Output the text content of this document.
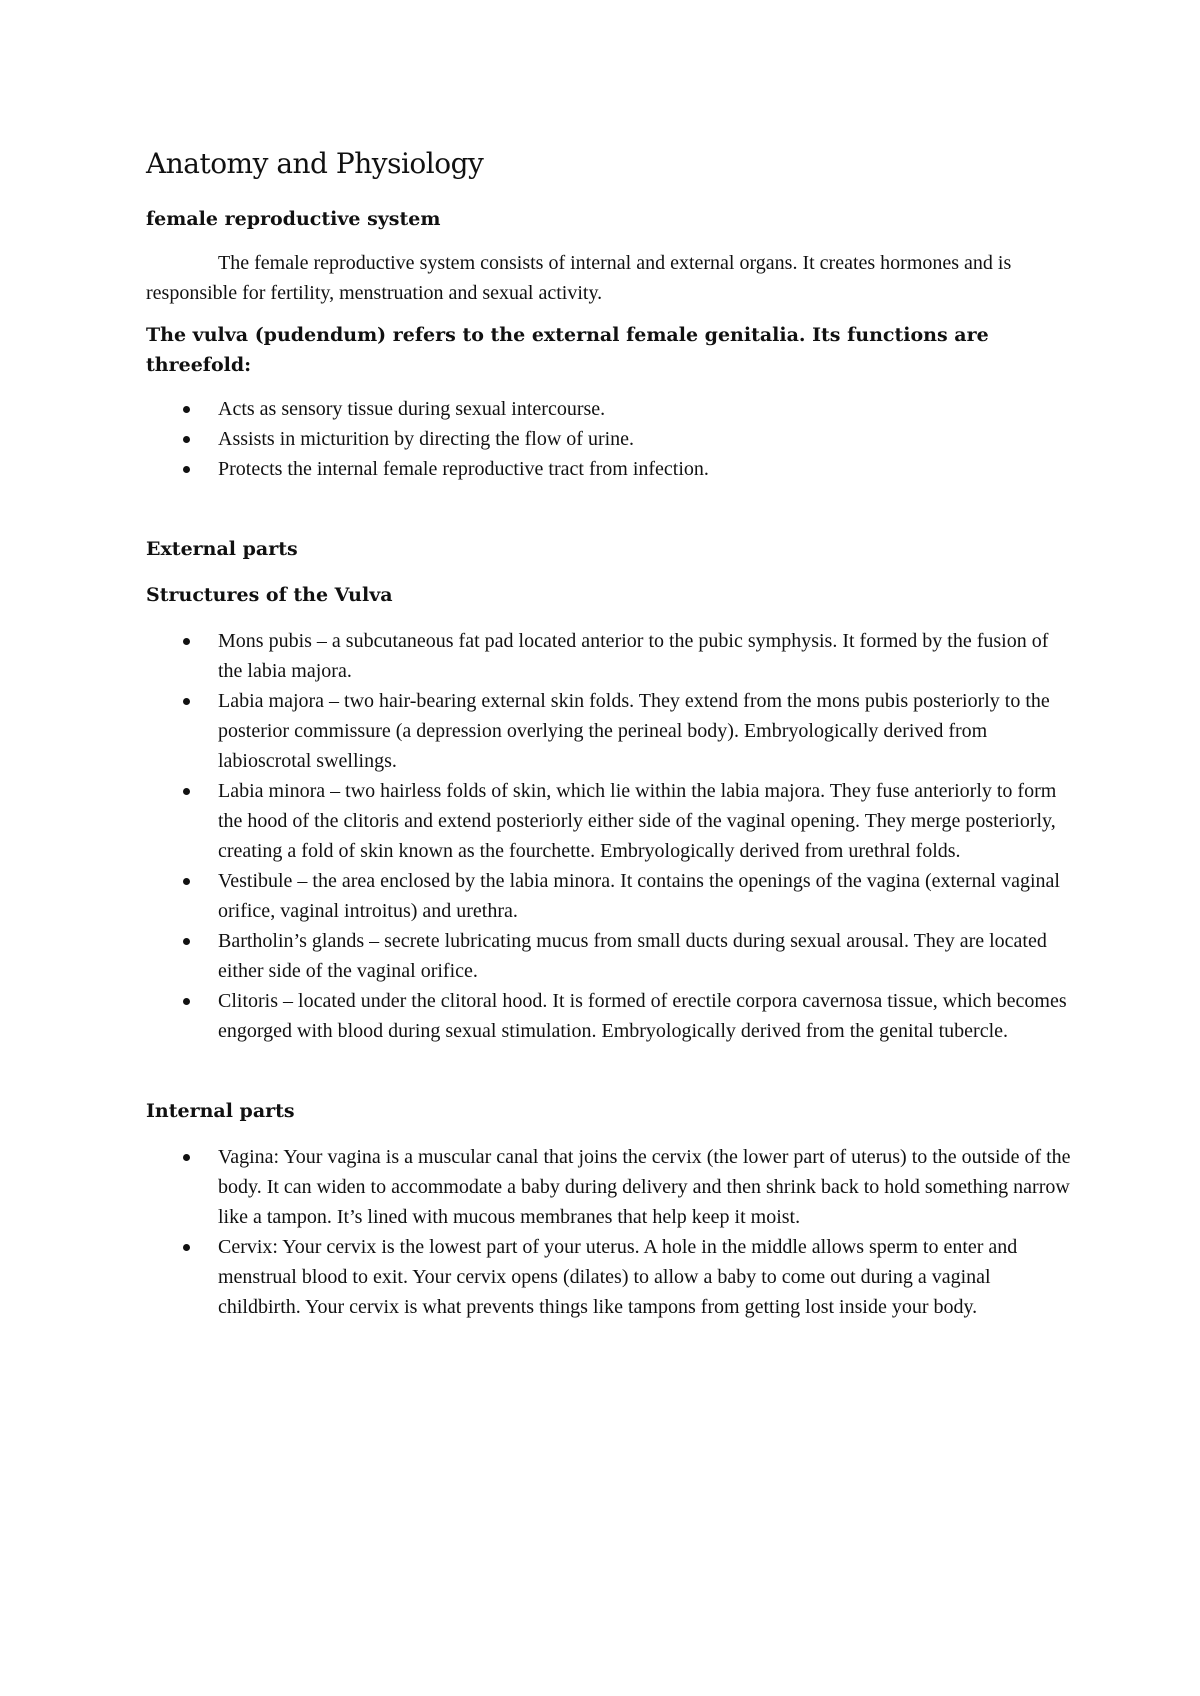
Anatomy and Physiology
female reproductive system

The female reproductive system consists of internal and external organs. It creates hormones and is responsible for fertility, menstruation and sexual activity.

The vulva (pudendum) refers to the external female genitalia. Its functions are threefold:

Acts as sensory tissue during sexual intercourse.
Assists in micturition by directing the flow of urine.
Protects the internal female reproductive tract from infection.
External parts
Structures of the Vulva
Mons pubis – a subcutaneous fat pad located anterior to the pubic symphysis. It formed by the fusion of the labia majora.
Labia majora – two hair-bearing external skin folds. They extend from the mons pubis posteriorly to the posterior commissure (a depression overlying the perineal body). Embryologically derived from labioscrotal swellings.
Labia minora – two hairless folds of skin, which lie within the labia majora. They fuse anteriorly to form the hood of the clitoris and extend posteriorly either side of the vaginal opening. They merge posteriorly, creating a fold of skin known as the fourchette. Embryologically derived from urethral folds.
Vestibule – the area enclosed by the labia minora. It contains the openings of the vagina (external vaginal orifice, vaginal introitus) and urethra.
Bartholin’s glands – secrete lubricating mucus from small ducts during sexual arousal. They are located either side of the vaginal orifice.
Clitoris – located under the clitoral hood. It is formed of erectile corpora cavernosa tissue, which becomes engorged with blood during sexual stimulation. Embryologically derived from the genital tubercle.
Internal parts
Vagina: Your vagina is a muscular canal that joins the cervix (the lower part of uterus) to the outside of the body. It can widen to accommodate a baby during delivery and then shrink back to hold something narrow like a tampon. It’s lined with mucous membranes that help keep it moist.
Cervix: Your cervix is the lowest part of your uterus. A hole in the middle allows sperm to enter and menstrual blood to exit. Your cervix opens (dilates) to allow a baby to come out during a vaginal childbirth. Your cervix is what prevents things like tampons from getting lost inside your body.
